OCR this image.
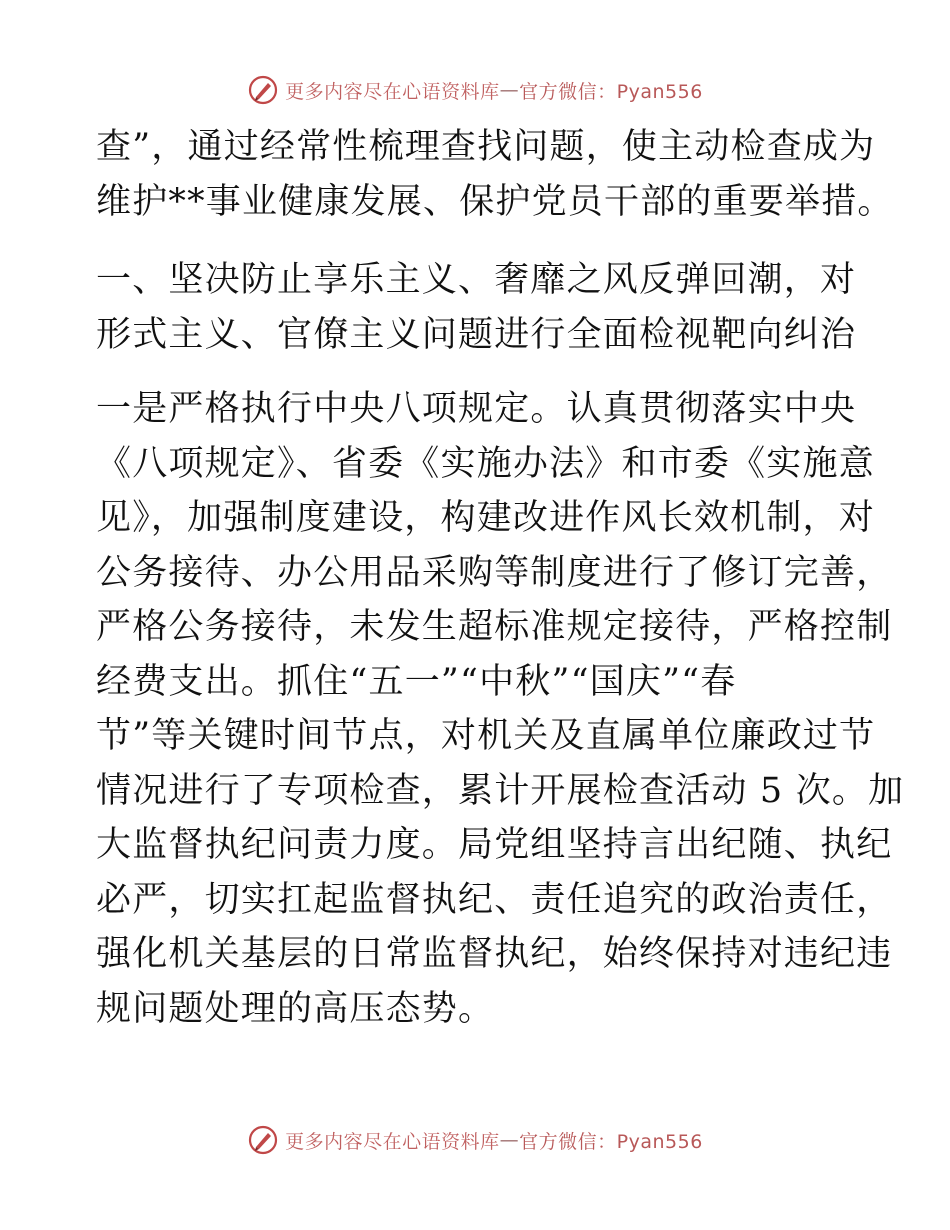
更多内容尽在心语资料库 — 官方微信：Pyan556

查”，通过经常性梳理查找问题，使主动检查成为
维护**事业健康发展、保护党员干部的重要举措。

一、坚决防止享乐主义、奢靡之风反弹回潮，对
形式主义、官僚主义问题进行全面检视靶向纠治

一是严格执行中央八项规定。认真贯彻落实中央
《八项规定》、省委《实施办法》和市委《实施意
见》，加强制度建设，构建改进作风长效机制，对
公务接待、办公用品采购等制度进行了修订完善，
严格公务接待，未发生超标准规定接待，严格控制
经费支出。抓住“五一”“中秋”“国庆”“春
节”等关键时间节点，对机关及直属单位廉政过节
情况进行了专项检查，累计开展检查活动 5 次。加
大监督执纪问责力度。局党组坚持言出纪随、执纪
必严，切实扛起监督执纪、责任追究的政治责任，
强化机关基层的日常监督执纪，始终保持对违纪违
规问题处理的高压态势。

更多内容尽在心语资料库 — 官方微信：Pyan556
